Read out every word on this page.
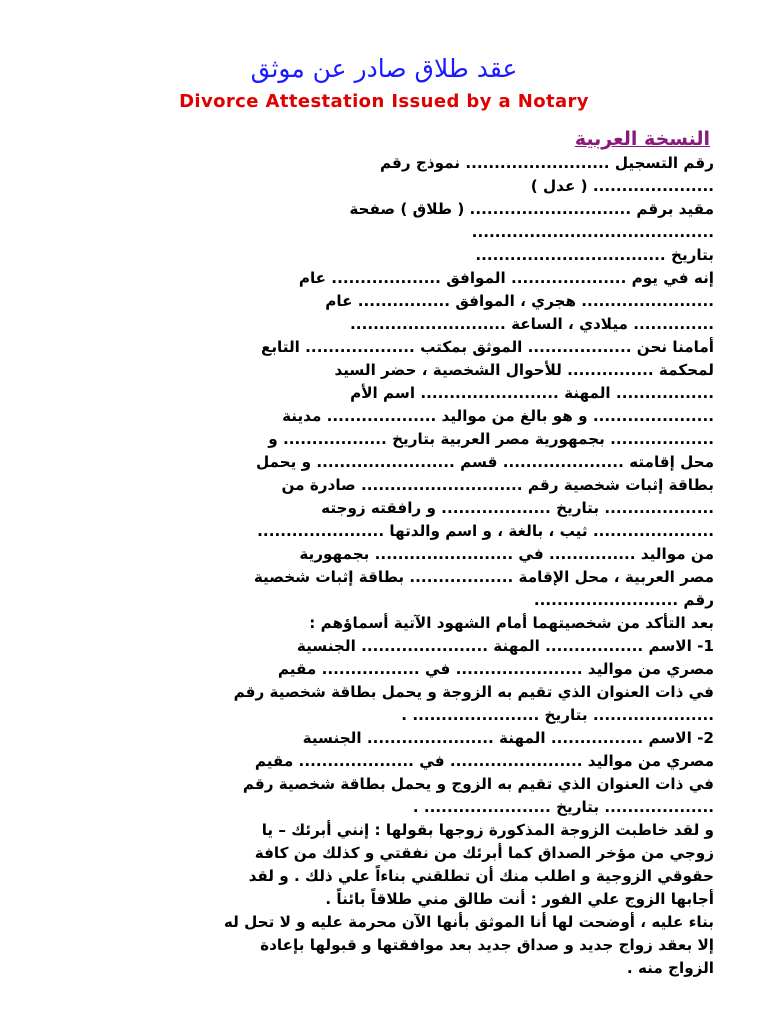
عقد طلاق صادر عن موثق
Divorce Attestation Issued by a Notary
النسخة العربية
رقم التسجيل ......................... نموذج رقم
..................... ( عدل )
مقيد برقم ............................ ( طلاق ) صفحة
..........................................
بتاريخ .................................
إنه في يوم .................... الموافق ................... عام
....................... هجري ، الموافق ................ عام
.............. ميلادي ، الساعة ...........................
أمامنا نحن .................. الموثق بمكتب ................... التابع
لمحكمة ............... للأحوال الشخصية ، حضر السيد
................. المهنة ........................ اسم الأم
..................... و هو بالغ من مواليد ................... مدينة
.................. بجمهورية مصر العربية بتاريخ .................. و
محل إقامته ..................... قسم ........................ و يحمل
بطاقة إثبات شخصية رقم ............................ صادرة من
................... بتاريخ ................... و رافقته زوجته
..................... ثيب ، بالغة ، و اسم والدتها ......................
من مواليد ............... في ........................ بجمهورية
مصر العربية ، محل الإقامة .................. بطاقة إثبات شخصية
رقم .........................
بعد التأكد من شخصيتهما أمام الشهود الآتية أسماؤهم :
1- الاسم ................. المهنة ...................... الجنسية
مصري من مواليد ...................... في ................. مقيم
في ذات العنوان الذي تقيم به الزوجة و يحمل بطاقة شخصية رقم
..................... بتاريخ ...................... .
2- الاسم ................ المهنة ...................... الجنسية
مصري من مواليد ....................... في .................... مقيم
في ذات العنوان الذي تقيم به الزوج و يحمل بطاقة شخصية رقم
................... بتاريخ ...................... .
و لقد خاطبت الزوجة المذكورة زوجها بقولها : إنني أبرئك – يا
زوجي من مؤخر الصداق كما أبرئك من نفقتي و كذلك من كافة
حقوقي الزوجية و اطلب منك أن تطلقني بناءاً علي ذلك . و لقد
أجابها الزوج علي الفور : أنت طالق مني طلاقاً بائناً .
بناء عليه ، أوضحت لها أنا الموثق بأنها الآن محرمة عليه و لا تحل له
إلا بعقد زواج جديد و صداق جديد بعد موافقتها و قبولها بإعادة
الزواج منه .
